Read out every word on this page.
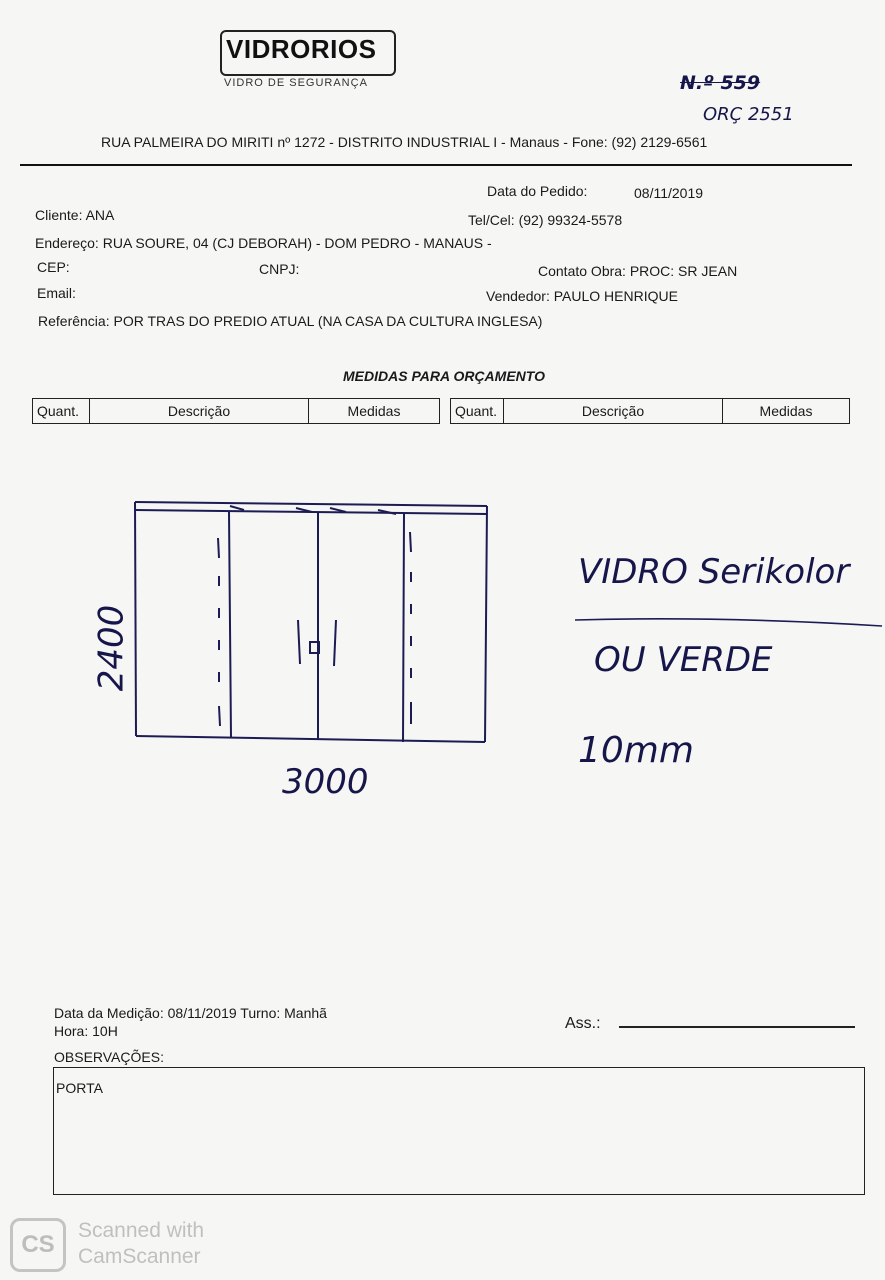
VIDRORIOS
VIDRO DE SEGURANÇA	N.º 559
ORÇ 2551
RUA PALMEIRA DO MIRITI nº 1272 - DISTRITO INDUSTRIAL I - Manaus - Fone: (92) 2129-6561
Data do Pedido:	08/11/2019
Cliente: ANA	Tel/Cel: (92) 99324-5578
Endereço: RUA SOURE, 04 (CJ DEBORAH) - DOM PEDRO - MANAUS -
CEP:	CNPJ:	Contato Obra: PROC: SR JEAN
Email:	Vendedor: PAULO HENRIQUE
Referência: POR TRAS DO PREDIO ATUAL (NA CASA DA CULTURA INGLESA)
MEDIDAS PARA ORÇAMENTO
Quant.	Descrição	Medidas	Quant.	Descrição	Medidas
2400
3000
VIDRO Serikolor
OU VERDE
10mm
Data da Medição: 08/11/2019 Turno: Manhã
Hora: 10H	Ass.:
OBSERVAÇÕES:
PORTA
CS
Scanned with CamScanner
